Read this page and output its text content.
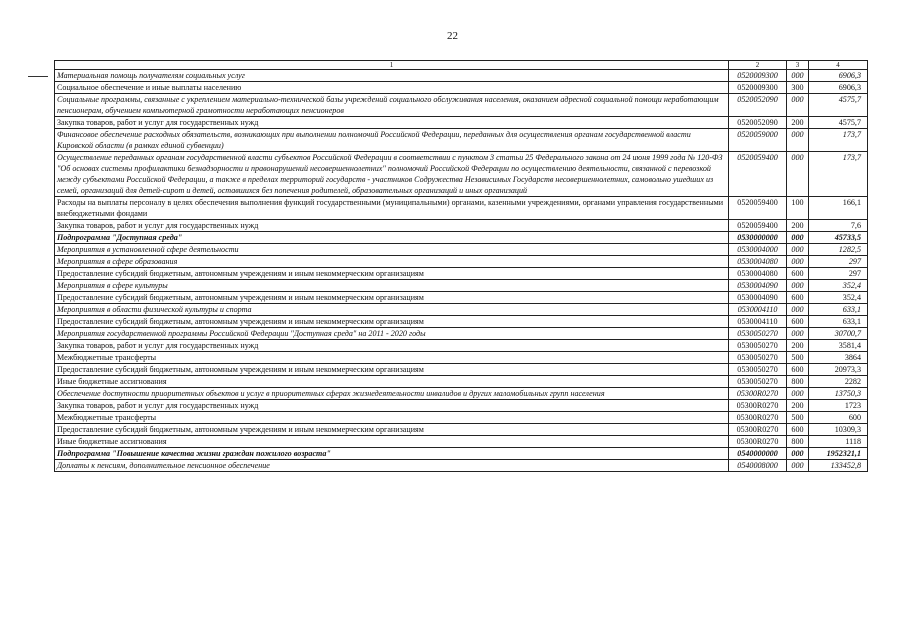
22
1	2	3	4
Материальная помощь получателям социальных услуг	0520009300	000	6906,3
Социальное обеспечение и иные выплаты населению	0520009300	300	6906,3
Социальные программы, связанные с укреплением материально-технической базы учреждений социального обслуживания населения, оказанием адресной социальной помощи неработающим пенсионерам, обучением компьютерной грамотности неработающих пенсионеров	0520052090	000	4575,7
Закупка товаров, работ и услуг для государственных нужд	0520052090	200	4575,7
Финансовое обеспечение расходных обязательств, возникающих при выполнении полномочий Российской Федерации, переданных для осуществления органам государственной власти Кировской области (в рамках единой субвенции)	0520059000	000	173,7
Осуществление переданных органам государственной власти субъектов Российской Федерации в соответствии с пунктом 3 статьи 25 Федерального закона от 24 июня 1999 года № 120-ФЗ "Об основах системы профилактики безнадзорности и правонарушений несовершеннолетних" полномочий Российской Федерации по осуществлению деятельности, связанной с перевозкой между субъектами Российской Федерации, а также в пределах территорий государств - участников Содружества Независимых Государств несовершеннолетних, самовольно ушедших из семей, организаций для детей-сирот и детей, оставшихся без попечения родителей, образовательных организаций и иных организаций	0520059400	000	173,7
Расходы на выплаты персоналу в целях обеспечения выполнения функций государственными (муниципальными) органами, казенными учреждениями, органами управления государственными внебюджетными фондами	0520059400	100	166,1
Закупка товаров, работ и услуг для государственных нужд	0520059400	200	7,6
Подпрограмма "Доступная среда"	0530000000	000	45733,5
Мероприятия в установленной сфере деятельности	0530004000	000	1282,5
Мероприятия в сфере образования	0530004080	000	297
Предоставление субсидий бюджетным, автономным учреждениям и иным некоммерческим организациям	0530004080	600	297
Мероприятия в сфере культуры	0530004090	000	352,4
Предоставление субсидий бюджетным, автономным учреждениям и иным некоммерческим организациям	0530004090	600	352,4
Мероприятия в области физической культуры и спорта	0530004110	000	633,1
Предоставление субсидий бюджетным, автономным учреждениям и иным некоммерческим организациям	0530004110	600	633,1
Мероприятия государственной программы Российской Федерации "Доступная среда" на 2011 - 2020 годы	0530050270	000	30700,7
Закупка товаров, работ и услуг для государственных нужд	0530050270	200	3581,4
Межбюджетные трансферты	0530050270	500	3864
Предоставление субсидий бюджетным, автономным учреждениям и иным некоммерческим организациям	0530050270	600	20973,3
Иные бюджетные ассигнования	0530050270	800	2282
Обеспечение доступности приоритетных объектов и услуг в приоритетных сферах жизнедеятельности инвалидов и других маломобильных групп населения	05300R0270	000	13750,3
Закупка товаров, работ и услуг для государственных нужд	05300R0270	200	1723
Межбюджетные трансферты	05300R0270	500	600
Предоставление субсидий бюджетным, автономным учреждениям и иным некоммерческим организациям	05300R0270	600	10309,3
Иные бюджетные ассигнования	05300R0270	800	1118
Подпрограмма "Повышение качества жизни граждан пожилого возраста"	0540000000	000	1952321,1
Доплаты к пенсиям, дополнительное пенсионное обеспечение	0540008000	000	133452,8
